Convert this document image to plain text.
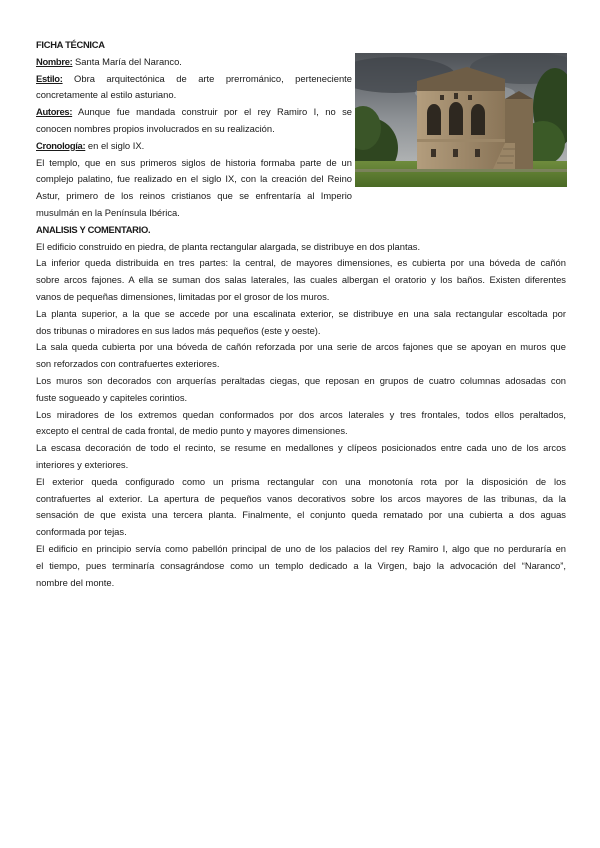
FICHA TÉCNICA

Nombre: Santa María del Naranco.

Estilo: Obra arquitectónica de arte prerrománico, perteneciente

concretamente al estilo asturiano.

Autores: Aunque fue mandada construir por el rey Ramiro I, no se

conocen nombres propios involucrados en su realización.

Cronología: en el siglo IX.

El templo, que en sus primeros siglos de historia formaba parte de un

complejo palatino, fue realizado en el siglo IX, con la creación del Reino

Astur, primero de los reinos cristianos que se enfrentaría al Imperio

musulmán en la Península Ibérica.

ANALISIS Y COMENTARIO.

El edificio construido en piedra, de planta rectangular alargada, se distribuye en dos plantas.

La inferior queda distribuida en tres partes: la central, de mayores dimensiones, es cubierta por una bóveda de cañón

sobre arcos fajones. A ella se suman dos salas laterales, las cuales albergan el oratorio y los baños. Existen diferentes

vanos de pequeñas dimensiones, limitadas por el grosor de los muros.

La planta superior, a la que se accede por una escalinata exterior, se distribuye en una sala rectangular escoltada por

dos tribunas o miradores en sus lados más pequeños (este y oeste).

La sala queda cubierta por una bóveda de cañón reforzada por una serie de arcos fajones que se apoyan en muros que

son reforzados con contrafuertes exteriores.

Los muros son decorados con arquerías peraltadas ciegas, que reposan en grupos de cuatro columnas adosadas con

fuste sogueado y capiteles corintios.

Los miradores de los extremos quedan conformados por dos arcos laterales y tres frontales, todos ellos peraltados,

excepto el central de cada frontal, de medio punto y mayores dimensiones.

La escasa decoración de todo el recinto, se resume en medallones y clípeos posicionados entre cada uno de los arcos

interiores y exteriores.

El exterior queda configurado como un prisma rectangular con una monotonía rota por la disposición de los

contrafuertes al exterior. La apertura de pequeños vanos decorativos sobre los arcos mayores de las tribunas, da la

sensación de que exista una tercera planta. Finalmente, el conjunto queda rematado por una cubierta a dos aguas

conformada por tejas.

El edificio en principio servía como pabellón principal de uno de los palacios del rey Ramiro I, algo que no perduraría en

el tiempo, pues terminaría consagrándose como un templo dedicado a la Virgen, bajo la advocación del “Naranco”,

nombre del monte.
